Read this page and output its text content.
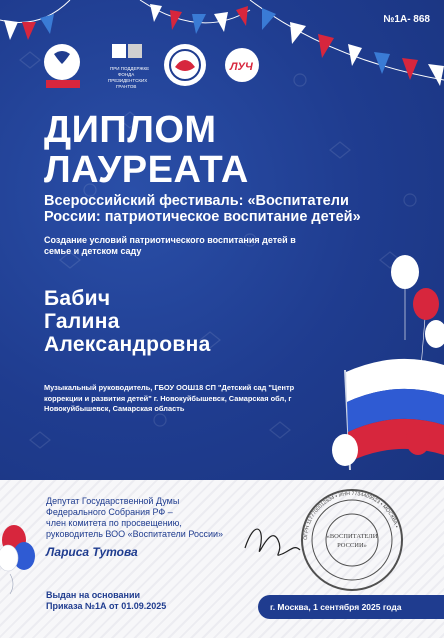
№1А- 868
ПРИ ПОДДЕРЖКЕ
ФОНДА
ПРЕЗИДЕНТСКИХ
ГРАНТОВ
ЛУЧ
ДИПЛОМ
ЛАУРЕАТА
Всероссийский фестиваль: «Воспитатели России: патриотическое воспитание детей»
Создание условий патриотического воспитания детей в семье и детском саду
Бабич
Галина
Александровна
Музыкальный руководитель, ГБОУ ООШ18 СП "Детский сад "Центр коррекции и развития детей" г. Новокуйбышевск, Самарская обл, г Новокуйбышевск, Самарская область
Депутат Государственной Думы
Федерального Собрания РФ –
член комитета по просвещению,
руководитель ВОО «Воспитатели России»
Лариса Тутова
ОГРН 1177700012934 • ИНН 7734409523 • МОСКВА •
«ВОСПИТАТЕЛИ
РОССИИ»
Выдан на основании
Приказа №1А от 01.09.2025	г. Москва, 1 сентября 2025 года
